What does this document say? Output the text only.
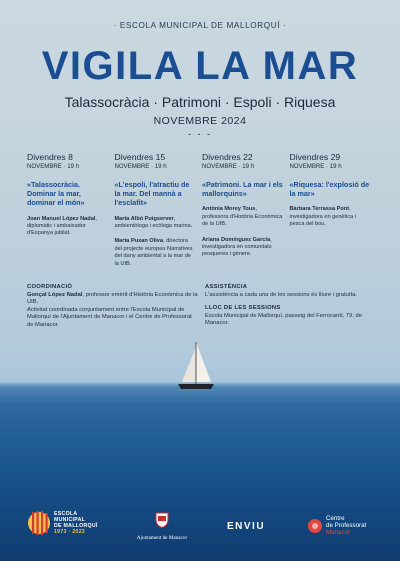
· ESCOLA MUNICIPAL DE MALLORQUÍ ·
VIGILA LA MAR
Talassocràcia · Patrimoni · Espoli · Riquesa
NOVEMBRE 2024
- - -
Divendres 8
NOVEMBRE · 19 h
«Talassocràcia. Dominar la mar, dominar el món»
Joan Manuel López Nadal, diplomàtic i ambaixador d'Espanya jubilat.
Divendres 15
NOVEMBRE · 19 h
«L'espoli, l'atractiu de la mar. Del mannà a l'esclafit»
Marta Albó Puigserver, ambientòloga i ecòloga marina.
Marta Puxan Oliva, directora del projecte europeu Narratives del dany ambiental a la mar de la UIB.
Divendres 22
NOVEMBRE · 19 h
«Patrimoni. La mar i els mallorquins»
Antònia Morey Tous, professora d'Història Econòmica de la UIB.
Ariana Domínguez García, investigadora en comunitats pesqueres i gènere.
Divendres 29
NOVEMBRE · 19 h
«Riquesa: l'explosió de la mar»
Bàrbara Terrassa Pont, investigadora en genètica i pesca del bou.
COORDINACIÓ
Gonçal López Nadal, professor emèrit d'Història Econòmica de la UIB.
Activitat coordinada conjuntament entre l'Escola Municipal de Mallorquí de l'Ajuntament de Manacor i el Centre de Professorat de Manacor.
ASSISTÈNCIA
L'assistència a cada una de les sessions és lliure i gratuïta.
LLOC DE LES SESSIONS
Escola Municipal de Mallorquí, passeig del Ferrocarril, 79, de Manacor.
ESCOLA
MUNICIPAL
DE MALLORQUÍ
1973 · 2023
Ajuntament de Manacor
ENVIU
Centre
de Professorat
Manacor
